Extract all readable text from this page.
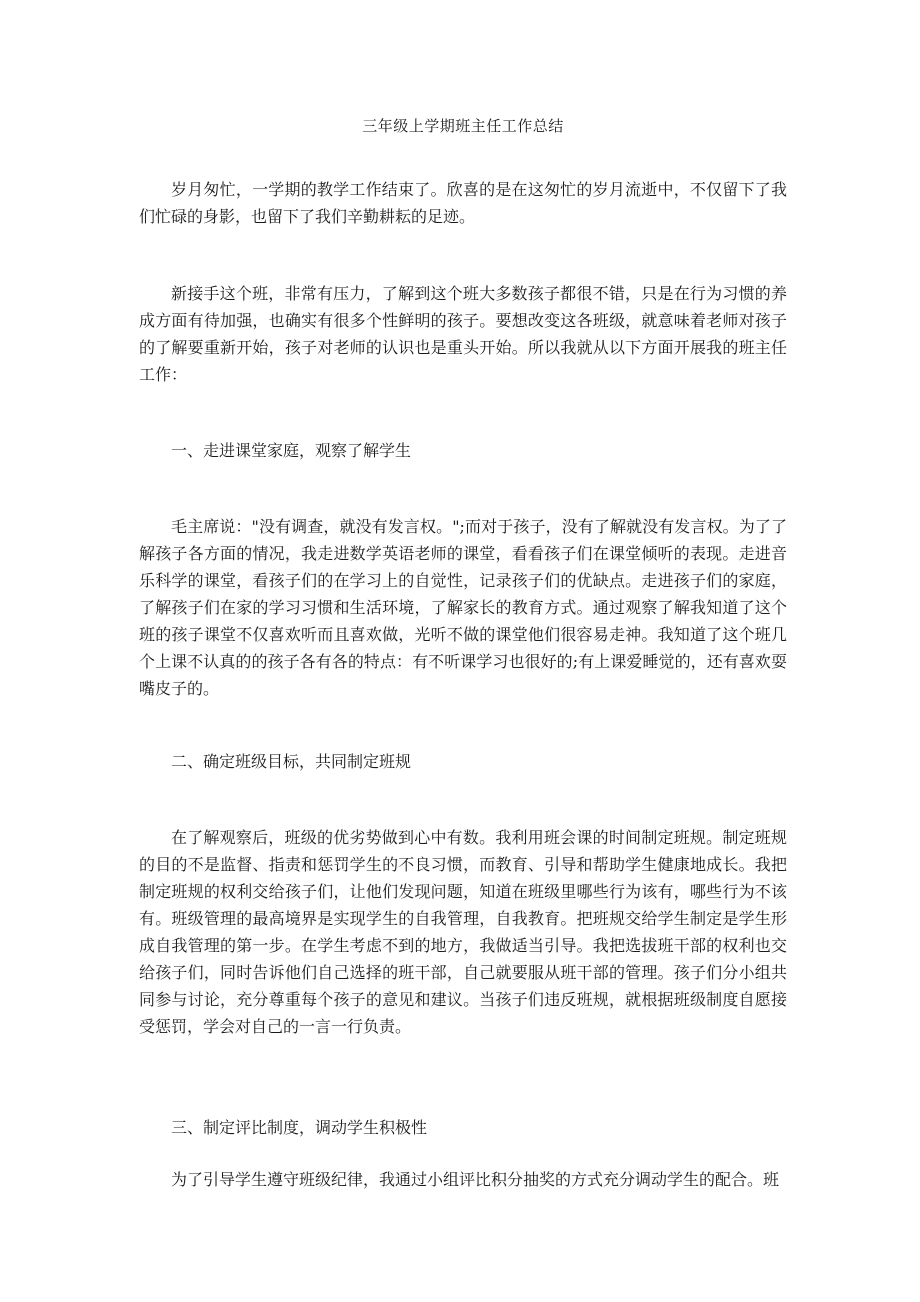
三年级上学期班主任工作总结

岁月匆忙，一学期的教学工作结束了。欣喜的是在这匆忙的岁月流逝中，不仅留下了我们忙碌的身影，也留下了我们辛勤耕耘的足迹。

新接手这个班，非常有压力，了解到这个班大多数孩子都很不错，只是在行为习惯的养成方面有待加强，也确实有很多个性鲜明的孩子。要想改变这各班级，就意味着老师对孩子的了解要重新开始，孩子对老师的认识也是重头开始。所以我就从以下方面开展我的班主任工作：

一、走进课堂家庭，观察了解学生

毛主席说："没有调查，就没有发言权。";而对于孩子，没有了解就没有发言权。为了了解孩子各方面的情况，我走进数学英语老师的课堂，看看孩子们在课堂倾听的表现。走进音乐科学的课堂，看孩子们的在学习上的自觉性，记录孩子们的优缺点。走进孩子们的家庭，了解孩子们在家的学习习惯和生活环境，了解家长的教育方式。通过观察了解我知道了这个班的孩子课堂不仅喜欢听而且喜欢做，光听不做的课堂他们很容易走神。我知道了这个班几个上课不认真的的孩子各有各的特点：有不听课学习也很好的;有上课爱睡觉的，还有喜欢耍嘴皮子的。

二、确定班级目标，共同制定班规

在了解观察后，班级的优劣势做到心中有数。我利用班会课的时间制定班规。制定班规的目的不是监督、指责和惩罚学生的不良习惯，而教育、引导和帮助学生健康地成长。我把制定班规的权利交给孩子们，让他们发现问题，知道在班级里哪些行为该有，哪些行为不该有。班级管理的最高境界是实现学生的自我管理，自我教育。把班规交给学生制定是学生形成自我管理的第一步。在学生考虑不到的地方，我做适当引导。我把选拔班干部的权利也交给孩子们，同时告诉他们自己选择的班干部，自己就要服从班干部的管理。孩子们分小组共同参与讨论，充分尊重每个孩子的意见和建议。当孩子们违反班规，就根据班级制度自愿接受惩罚，学会对自己的一言一行负责。

三、制定评比制度，调动学生积极性

为了引导学生遵守班级纪律，我通过小组评比积分抽奖的方式充分调动学生的配合。班
